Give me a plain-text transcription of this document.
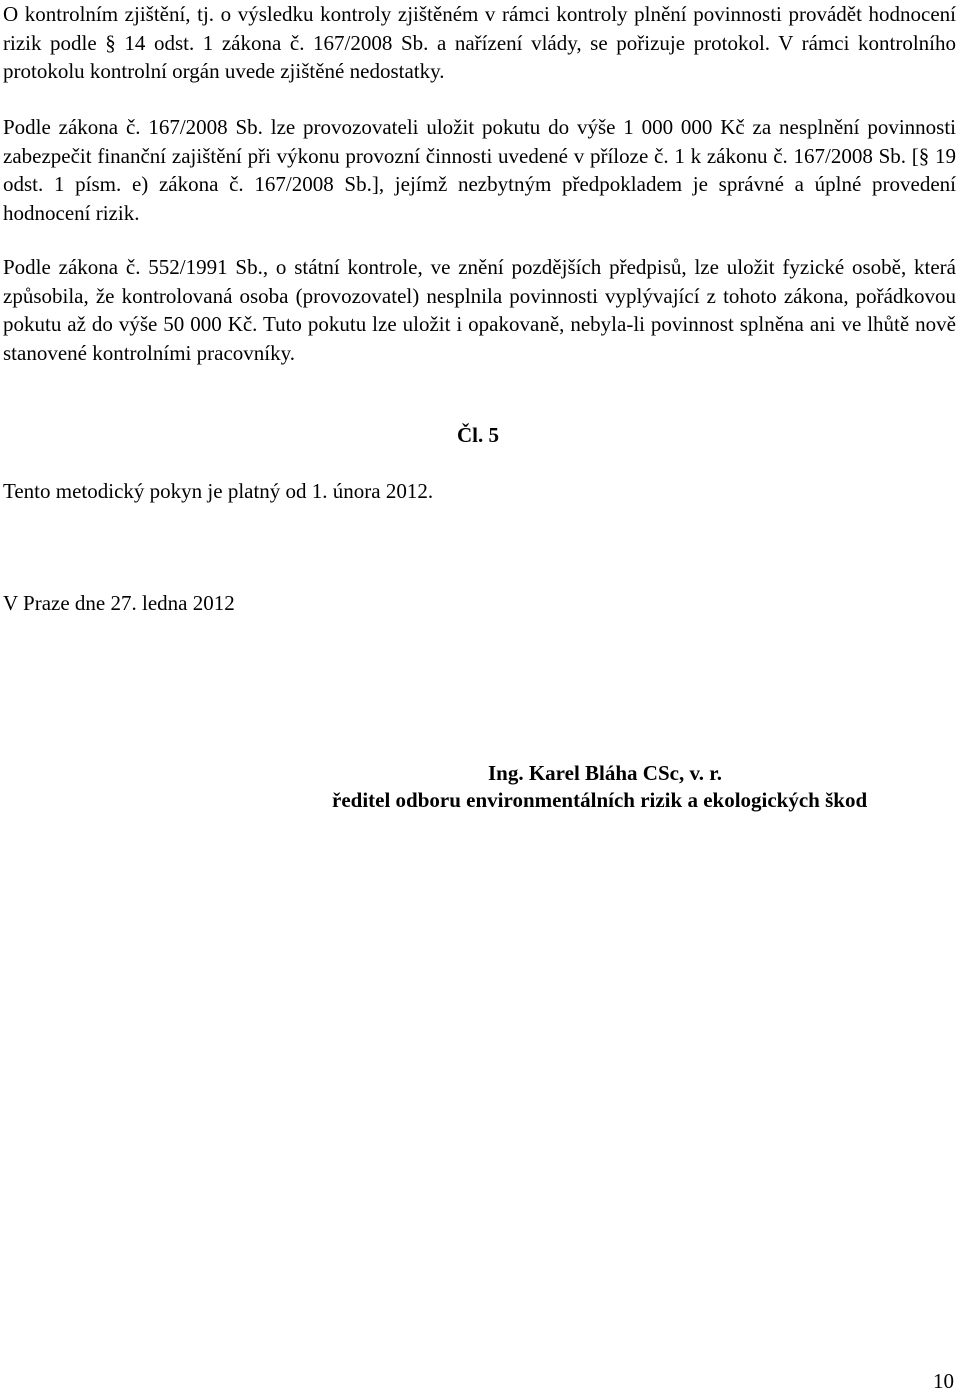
O kontrolním zjištění, tj. o výsledku kontroly zjištěném v rámci kontroly plnění povinnosti provádět hodnocení rizik podle § 14 odst. 1 zákona č. 167/2008 Sb. a nařízení vlády, se pořizuje protokol. V rámci kontrolního protokolu kontrolní orgán uvede zjištěné nedostatky.

Podle zákona č. 167/2008 Sb. lze provozovateli uložit pokutu do výše 1 000 000 Kč za nesplnění povinnosti zabezpečit finanční zajištění při výkonu provozní činnosti uvedené v příloze č. 1 k zákonu č. 167/2008 Sb. [§ 19 odst. 1 písm. e) zákona č. 167/2008 Sb.], jejímž nezbytným předpokladem je správné a úplné provedení hodnocení rizik.

Podle zákona č. 552/1991 Sb., o státní kontrole, ve znění pozdějších předpisů, lze uložit fyzické osobě, která způsobila, že kontrolovaná osoba (provozovatel) nesplnila povinnosti vyplývající z tohoto zákona, pořádkovou pokutu až do výše 50 000 Kč. Tuto pokutu lze uložit i opakovaně, nebyla-li povinnost splněna ani ve lhůtě nově stanovené kontrolními pracovníky.

Čl. 5

Tento metodický pokyn je platný od 1. února 2012.

V Praze dne 27. ledna 2012

Ing. Karel Bláha CSc, v. r.

ředitel odboru environmentálních rizik a ekologických škod

10
